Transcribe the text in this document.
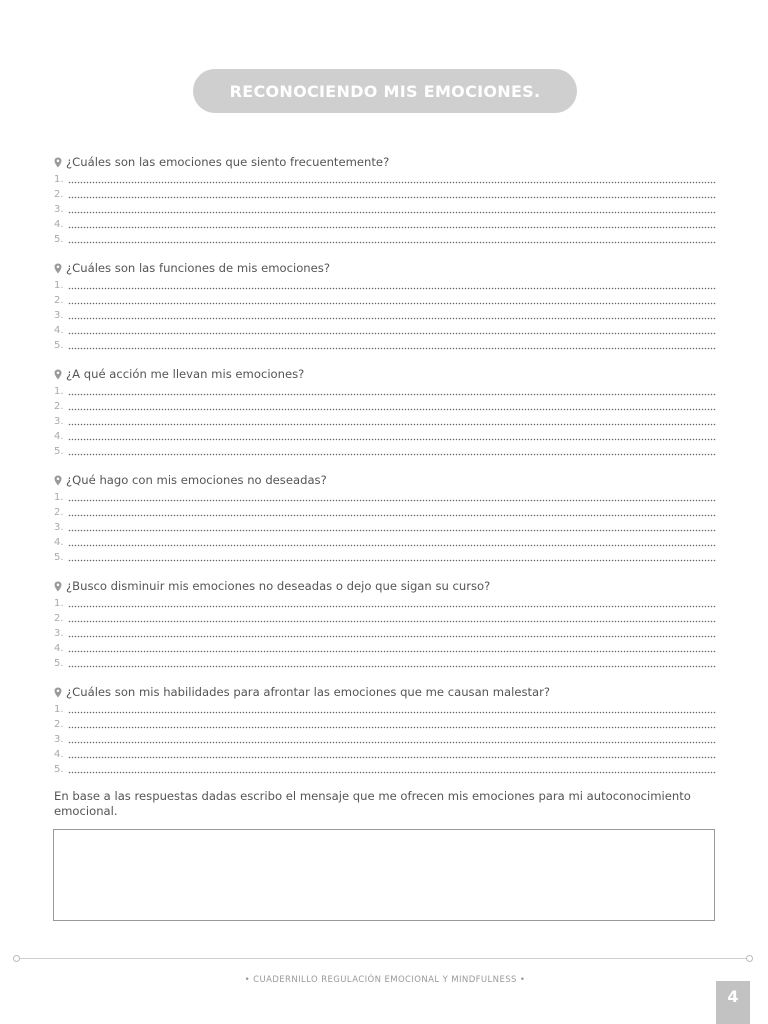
RECONOCIENDO MIS EMOCIONES.
¿Cuáles son las emociones que siento frecuentemente?
1.
2.
3.
4.
5.
¿Cuáles son las funciones de mis emociones?
1.
2.
3.
4.
5.
¿A qué acción me llevan mis emociones?
1.
2.
3.
4.
5.
¿Qué hago con mis emociones no deseadas?
1.
2.
3.
4.
5.
¿Busco disminuir mis emociones no deseadas o dejo que sigan su curso?
1.
2.
3.
4.
5.
¿Cuáles son mis habilidades para afrontar las emociones que me causan malestar?
1.
2.
3.
4.
5.
En base a las respuestas dadas escribo el mensaje que me ofrecen mis emociones para mi autoconocimiento emocional.
• CUADERNILLO REGULACIÓN EMOCIONAL Y MINDFULNESS •
4
